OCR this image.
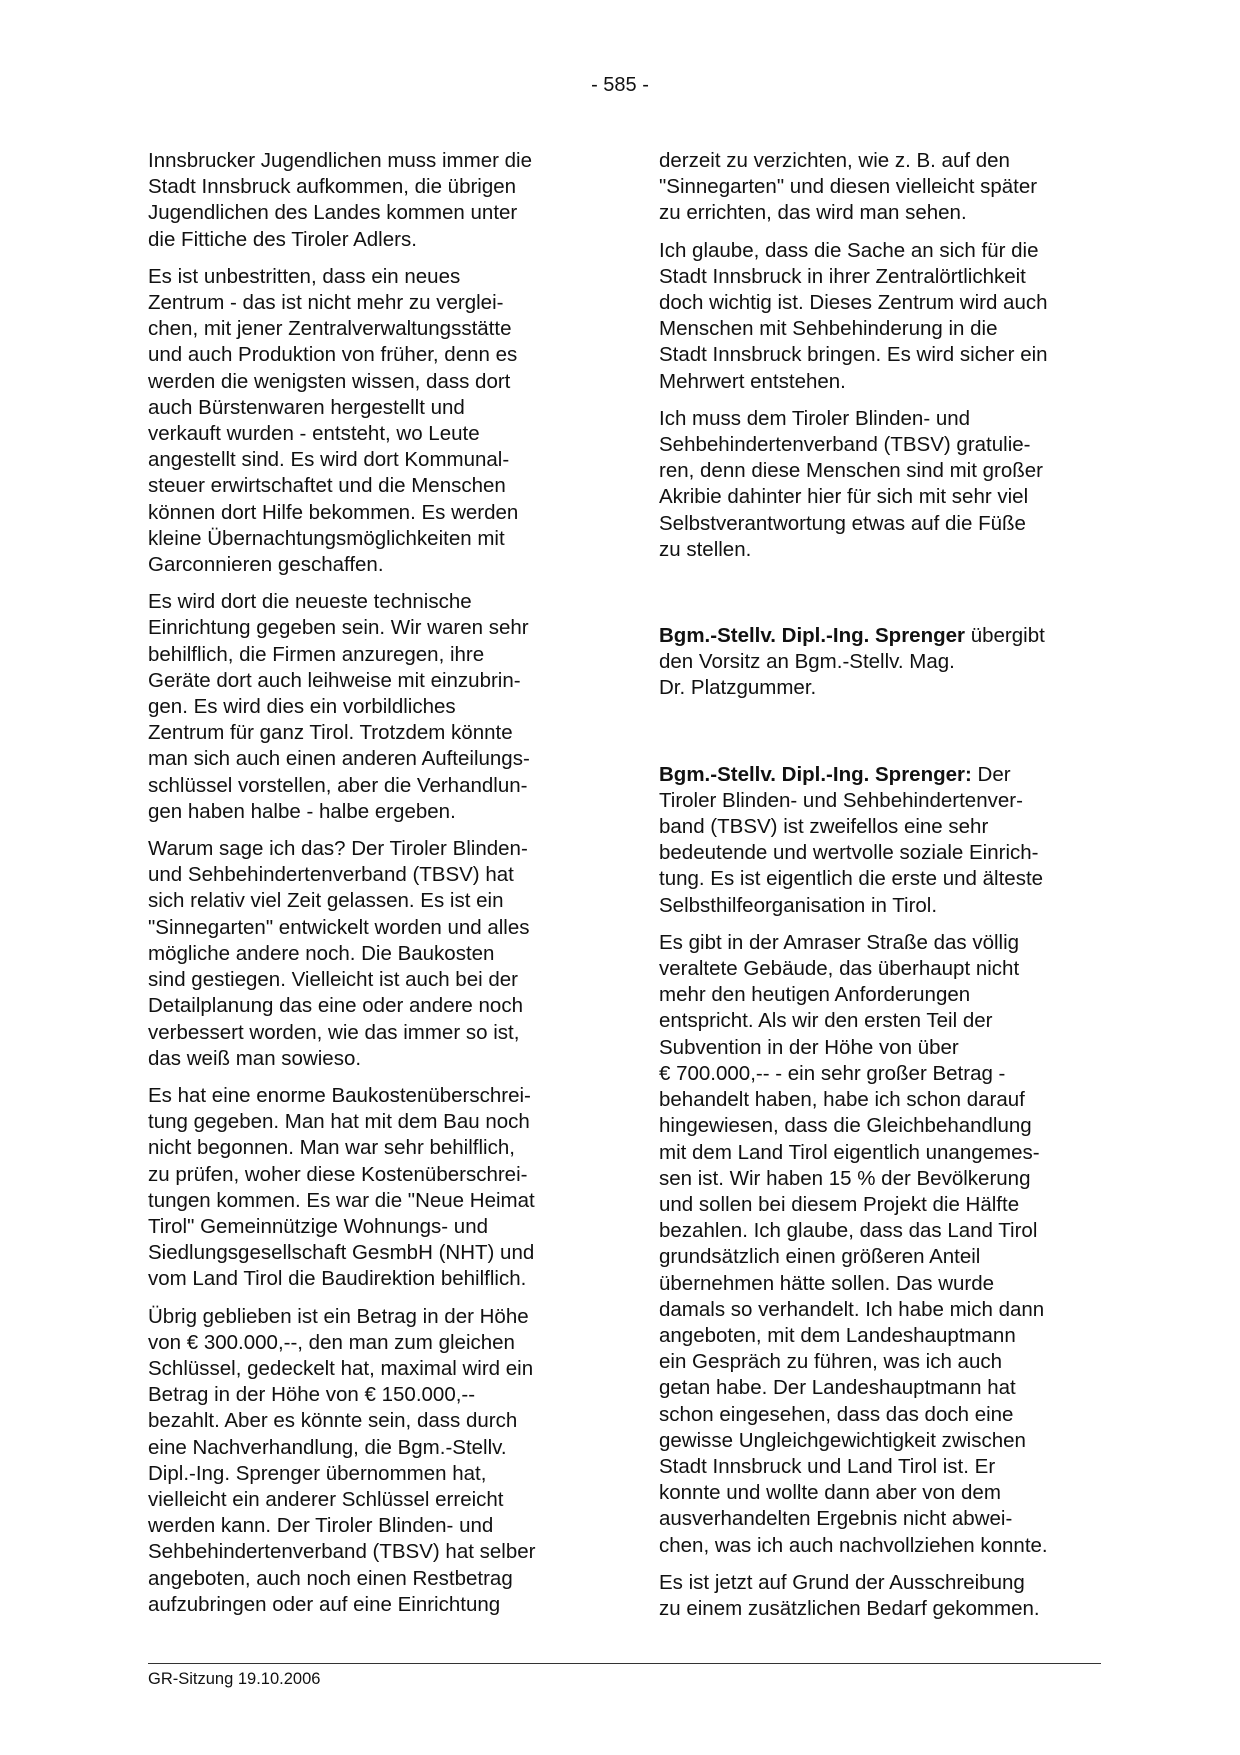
- 585 -
Innsbrucker Jugendlichen muss immer die
Stadt Innsbruck aufkommen, die übrigen
Jugendlichen des Landes kommen unter
die Fittiche des Tiroler Adlers.
Es ist unbestritten, dass ein neues
Zentrum - das ist nicht mehr zu verglei-
chen, mit jener Zentralverwaltungsstätte
und auch Produktion von früher, denn es
werden die wenigsten wissen, dass dort
auch Bürstenwaren hergestellt und
verkauft wurden - entsteht, wo Leute
angestellt sind. Es wird dort Kommunal-
steuer erwirtschaftet und die Menschen
können dort Hilfe bekommen. Es werden
kleine Übernachtungsmöglichkeiten mit
Garconnieren geschaffen.
Es wird dort die neueste technische
Einrichtung gegeben sein. Wir waren sehr
behilflich, die Firmen anzuregen, ihre
Geräte dort auch leihweise mit einzubrin-
gen. Es wird dies ein vorbildliches
Zentrum für ganz Tirol. Trotzdem könnte
man sich auch einen anderen Aufteilungs-
schlüssel vorstellen, aber die Verhandlun-
gen haben halbe - halbe ergeben.
Warum sage ich das? Der Tiroler Blinden-
und Sehbehindertenverband (TBSV) hat
sich relativ viel Zeit gelassen. Es ist ein
"Sinnegarten" entwickelt worden und alles
mögliche andere noch. Die Baukosten
sind gestiegen. Vielleicht ist auch bei der
Detailplanung das eine oder andere noch
verbessert worden, wie das immer so ist,
das weiß man sowieso.
Es hat eine enorme Baukostenüberschrei-
tung gegeben. Man hat mit dem Bau noch
nicht begonnen. Man war sehr behilflich,
zu prüfen, woher diese Kostenüberschrei-
tungen kommen. Es war die "Neue Heimat
Tirol" Gemeinnützige Wohnungs- und
Siedlungsgesellschaft GesmbH (NHT) und
vom Land Tirol die Baudirektion behilflich.
Übrig geblieben ist ein Betrag in der Höhe
von € 300.000,--, den man zum gleichen
Schlüssel, gedeckelt hat, maximal wird ein
Betrag in der Höhe von € 150.000,--
bezahlt. Aber es könnte sein, dass durch
eine Nachverhandlung, die Bgm.-Stellv.
Dipl.-Ing. Sprenger übernommen hat,
vielleicht ein anderer Schlüssel erreicht
werden kann. Der Tiroler Blinden- und
Sehbehindertenverband (TBSV) hat selber
angeboten, auch noch einen Restbetrag
aufzubringen oder auf eine Einrichtung
derzeit zu verzichten, wie z. B. auf den
"Sinnegarten" und diesen vielleicht später
zu errichten, das wird man sehen.
Ich glaube, dass die Sache an sich für die
Stadt Innsbruck in ihrer Zentralörtlichkeit
doch wichtig ist. Dieses Zentrum wird auch
Menschen mit Sehbehinderung in die
Stadt Innsbruck bringen. Es wird sicher ein
Mehrwert entstehen.
Ich muss dem Tiroler Blinden- und
Sehbehindertenverband (TBSV) gratulie-
ren, denn diese Menschen sind mit großer
Akribie dahinter hier für sich mit sehr viel
Selbstverantwortung etwas auf die Füße
zu stellen.
Bgm.-Stellv. Dipl.-Ing. Sprenger übergibt
den Vorsitz an Bgm.-Stellv. Mag.
Dr. Platzgummer.
Bgm.-Stellv. Dipl.-Ing. Sprenger: Der
Tiroler Blinden- und Sehbehindertenver-
band (TBSV) ist zweifellos eine sehr
bedeutende und wertvolle soziale Einrich-
tung. Es ist eigentlich die erste und älteste
Selbsthilfeorganisation in Tirol.
Es gibt in der Amraser Straße das völlig
veraltete Gebäude, das überhaupt nicht
mehr den heutigen Anforderungen
entspricht. Als wir den ersten Teil der
Subvention in der Höhe von über
€ 700.000,-- - ein sehr großer Betrag -
behandelt haben, habe ich schon darauf
hingewiesen, dass die Gleichbehandlung
mit dem Land Tirol eigentlich unangemes-
sen ist. Wir haben 15 % der Bevölkerung
und sollen bei diesem Projekt die Hälfte
bezahlen. Ich glaube, dass das Land Tirol
grundsätzlich einen größeren Anteil
übernehmen hätte sollen. Das wurde
damals so verhandelt. Ich habe mich dann
angeboten, mit dem Landeshauptmann
ein Gespräch zu führen, was ich auch
getan habe. Der Landeshauptmann hat
schon eingesehen, dass das doch eine
gewisse Ungleichgewichtigkeit zwischen
Stadt Innsbruck und Land Tirol ist. Er
konnte und wollte dann aber von dem
ausverhandelten Ergebnis nicht abwei-
chen, was ich auch nachvollziehen konnte.
Es ist jetzt auf Grund der Ausschreibung
zu einem zusätzlichen Bedarf gekommen.
GR-Sitzung 19.10.2006
